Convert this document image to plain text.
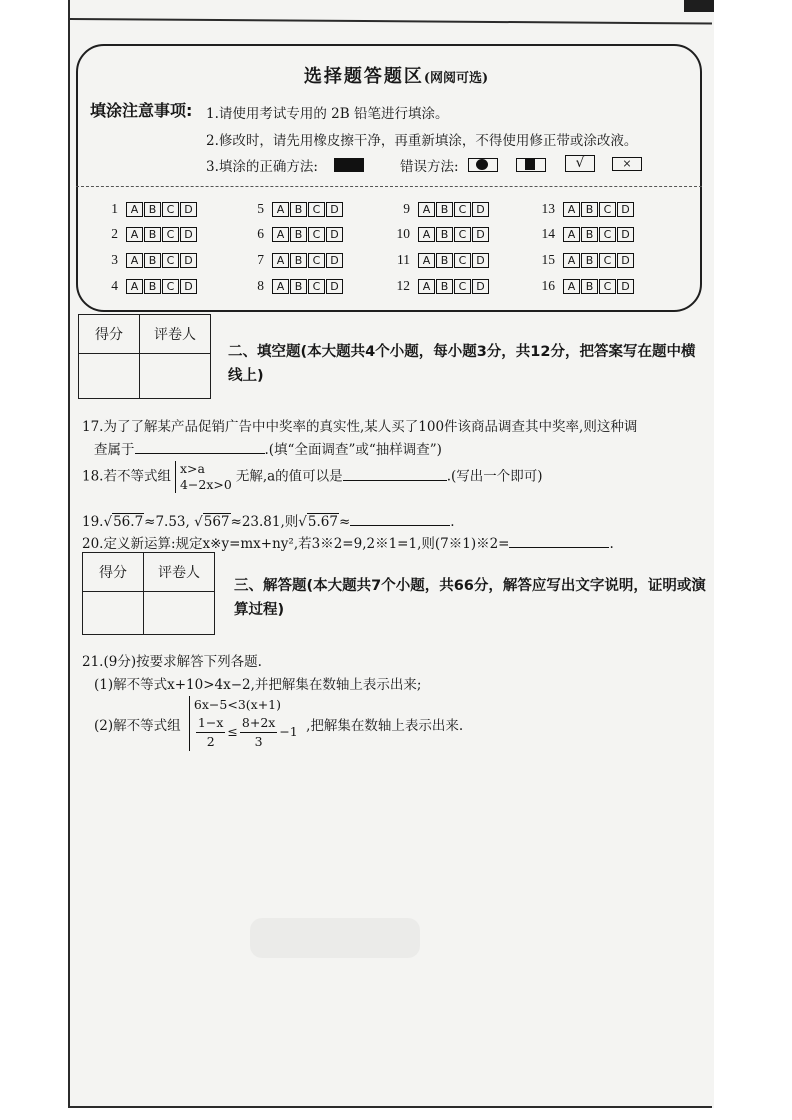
选择题答题区(网阅可选)
填涂注意事项: 1.请使用考试专用的 2B 铅笔进行填涂。
2.修改时，请先用橡皮擦干净，再重新填涂，不得使用修正带或涂改液。
3.填涂的正确方法:	错误方法:	√	×
1	A B C D
2	A B C D
3	A B C D
4	A B C D
5	A B C D
6	A B C D
7	A B C D
8	A B C D
9	A B C D
10	A B C D
11	A B C D
12	A B C D
13	A B C D
14	A B C D
15	A B C D
16	A B C D
得分	评卷人

二、填空题(本大题共4个小题，每小题3分，共12分，把答案写在题中横线上)
17.为了了解某产品促销广告中中奖率的真实性,某人买了100件该商品调查其中奖率,则这种调
查属于	.(填“全面调查”或“抽样调查”)
18.若不等式组 x>a
4−2x>0 无解,a的值可以是	.(写出一个即可)
19.√56.7≈7.53, √567≈23.81,则√5.67≈	.
20.定义新运算:规定x※y=mx+ny²,若3※2=9,2※1=1,则(7※1)※2=	.
得分	评卷人

三、解答题(本大题共7个小题，共66分，解答应写出文字说明，证明或演算过程)
21.(9分)按要求解答下列各题.
(1)解不等式x+10>4x−2,并把解集在数轴上表示出来;
(2)解不等式组
6x−5<3(x+1)
$\frac{1-x}{2} \le \frac{8+2x}{3} -1$ ,把解集在数轴上表示出来.
